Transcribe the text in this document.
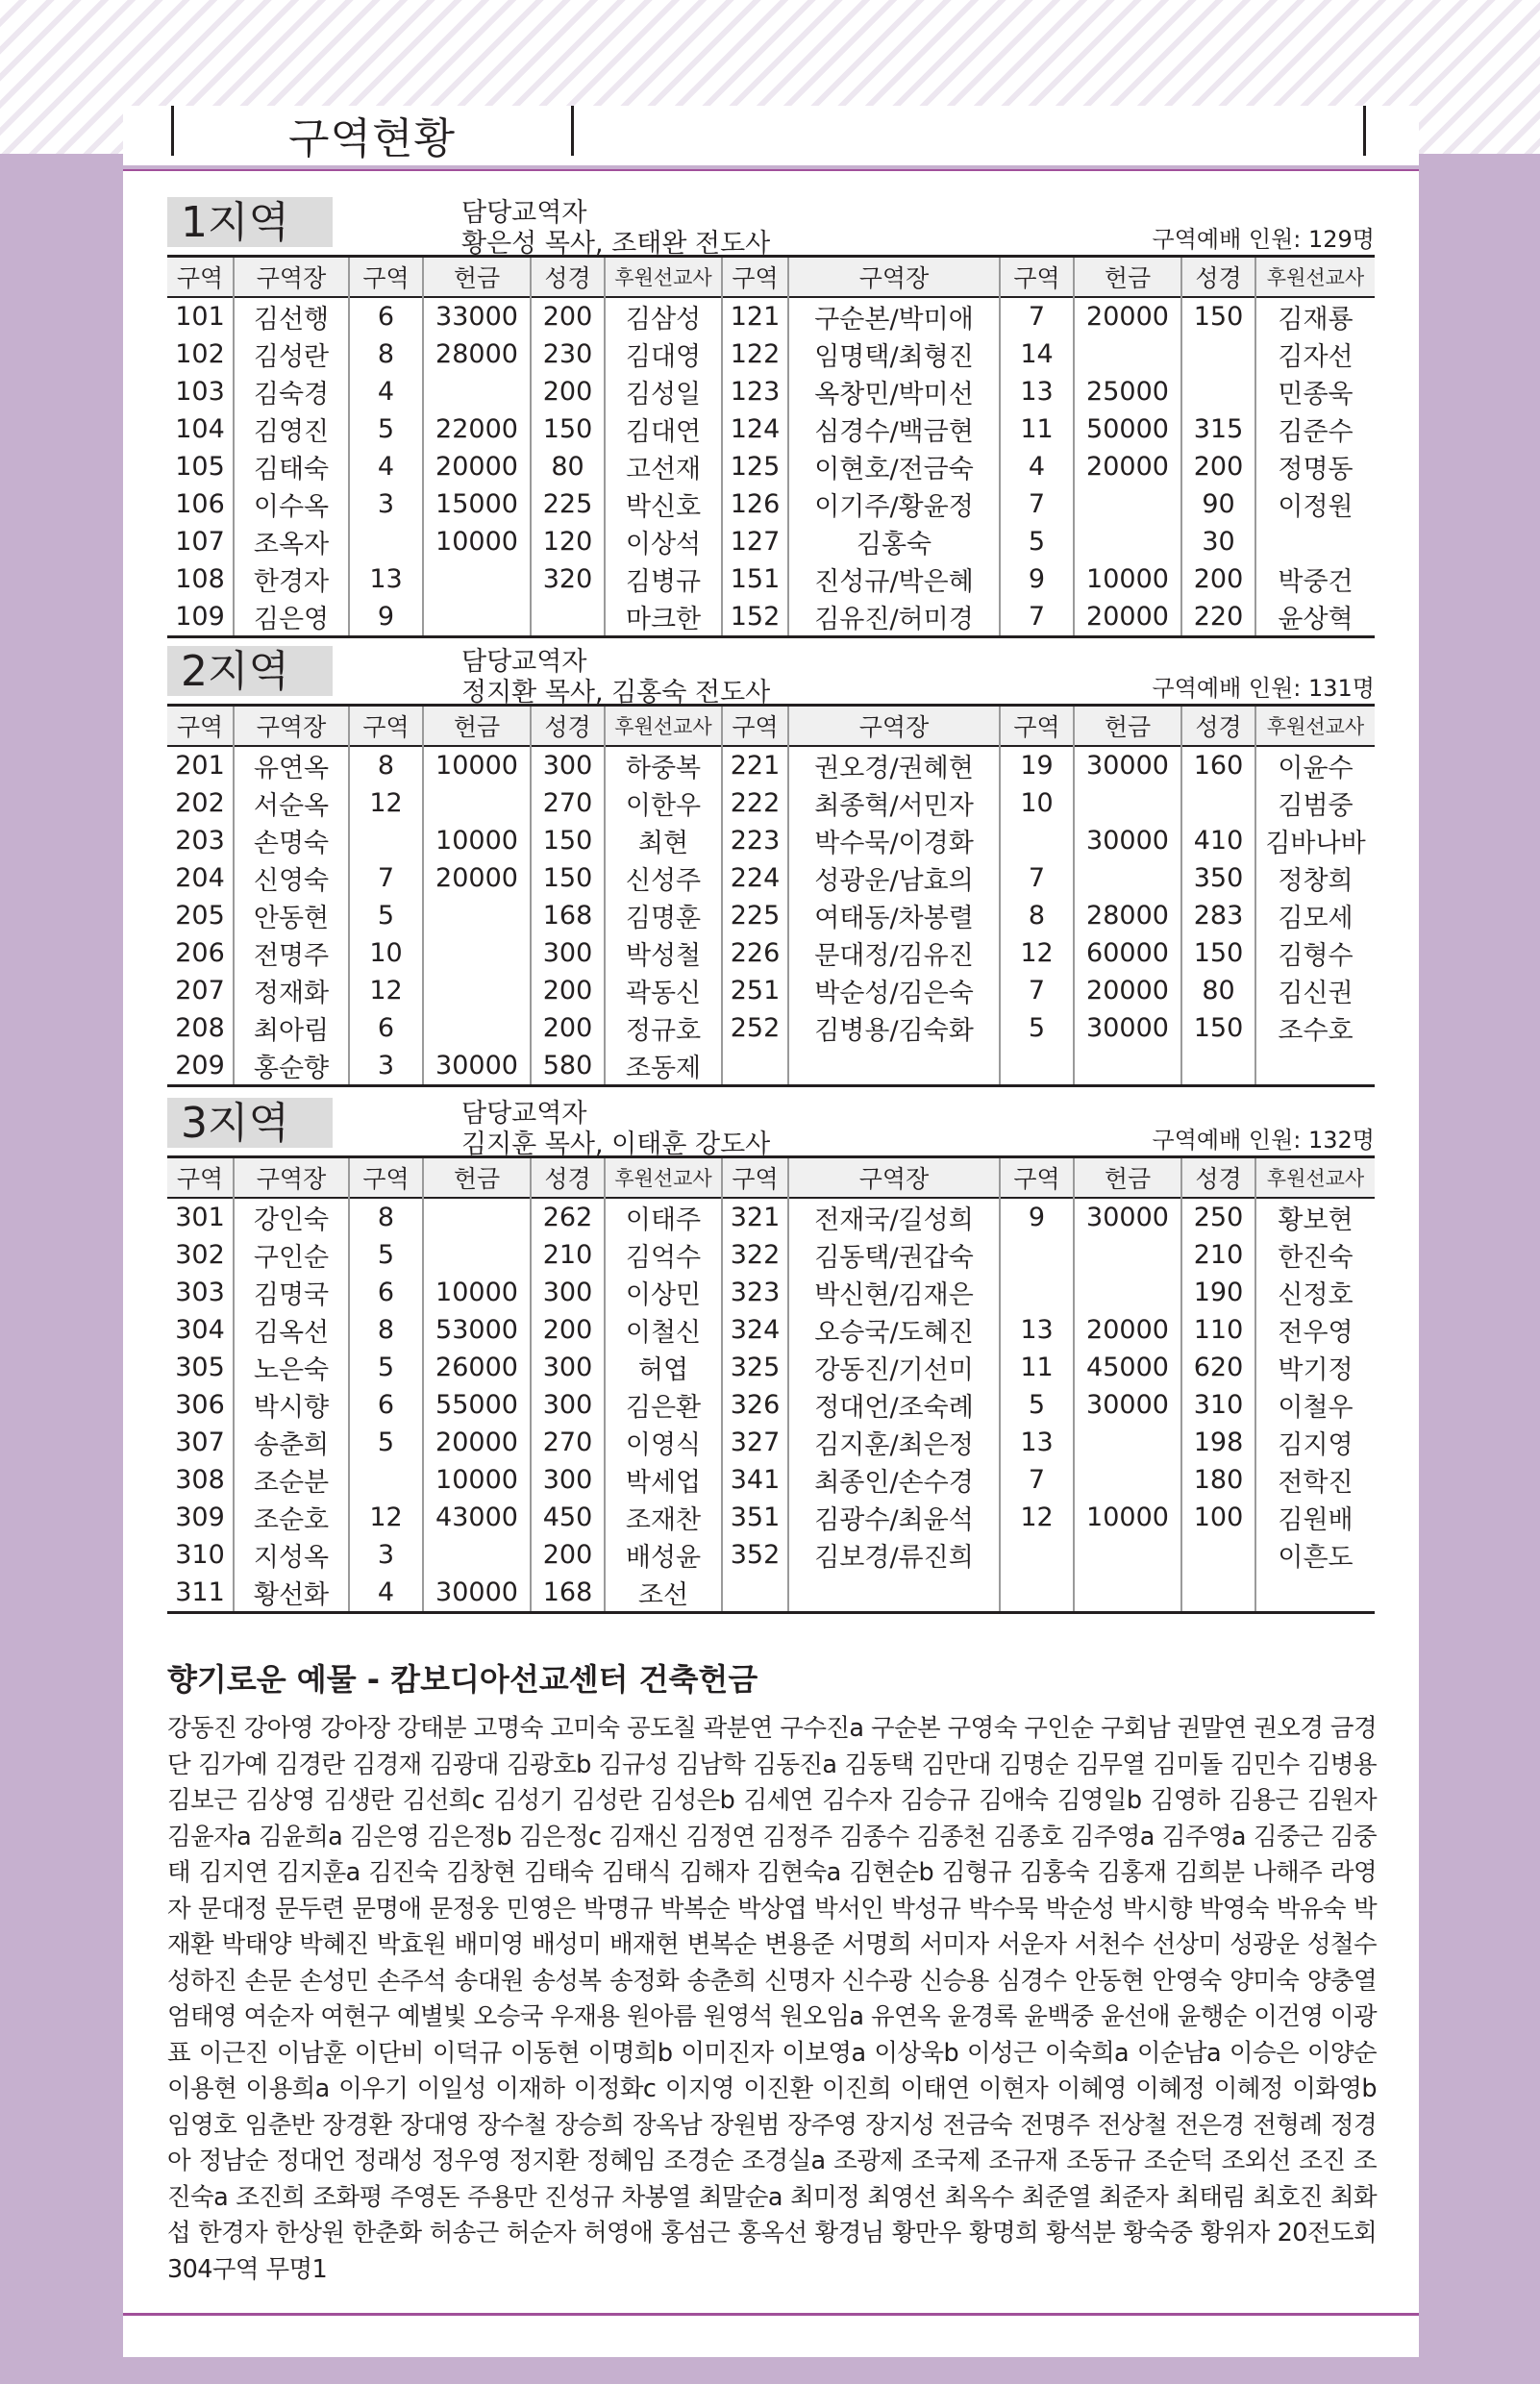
구역현황
1지역	담당교역자
황은성 목사, 조태완 전도사	구역예배 인원: 129명
구역	구역장	구역	헌금	성경	후원선교사	구역	구역장	구역	헌금	성경	후원선교사
101	김선행	6	33000	200	김삼성	121	구순본/박미애	7	20000	150	김재룡
102	김성란	8	28000	230	김대영	122	임명택/최형진	14			김자선
103	김숙경	4		200	김성일	123	옥창민/박미선	13	25000		민종욱
104	김영진	5	22000	150	김대연	124	심경수/백금현	11	50000	315	김준수
105	김태숙	4	20000	80	고선재	125	이현호/전금숙	4	20000	200	정명동
106	이수옥	3	15000	225	박신호	126	이기주/황윤정	7		90	이정원
107	조옥자		10000	120	이상석	127	김홍숙	5		30	
108	한경자	13		320	김병규	151	진성규/박은혜	9	10000	200	박중건
109	김은영	9			마크한	152	김유진/허미경	7	20000	220	윤상혁
2지역	담당교역자
정지환 목사, 김홍숙 전도사	구역예배 인원: 131명
구역	구역장	구역	헌금	성경	후원선교사	구역	구역장	구역	헌금	성경	후원선교사
201	유연옥	8	10000	300	하중복	221	권오경/권혜현	19	30000	160	이윤수
202	서순옥	12		270	이한우	222	최종혁/서민자	10			김범중
203	손명숙		10000	150	최현	223	박수묵/이경화		30000	410	김바나바
204	신영숙	7	20000	150	신성주	224	성광운/남효의	7		350	정창희
205	안동현	5		168	김명훈	225	여태동/차봉렬	8	28000	283	김모세
206	전명주	10		300	박성철	226	문대정/김유진	12	60000	150	김형수
207	정재화	12		200	곽동신	251	박순성/김은숙	7	20000	80	김신권
208	최아림	6		200	정규호	252	김병용/김숙화	5	30000	150	조수호
209	홍순향	3	30000	580	조동제						
3지역	담당교역자
김지훈 목사, 이태훈 강도사	구역예배 인원: 132명
구역	구역장	구역	헌금	성경	후원선교사	구역	구역장	구역	헌금	성경	후원선교사
301	강인숙	8		262	이태주	321	전재국/길성희	9	30000	250	황보현
302	구인순	5		210	김억수	322	김동택/권갑숙			210	한진숙
303	김명국	6	10000	300	이상민	323	박신현/김재은			190	신정호
304	김옥선	8	53000	200	이철신	324	오승국/도혜진	13	20000	110	전우영
305	노은숙	5	26000	300	허엽	325	강동진/기선미	11	45000	620	박기정
306	박시향	6	55000	300	김은환	326	정대언/조숙례	5	30000	310	이철우
307	송춘희	5	20000	270	이영식	327	김지훈/최은정	13		198	김지영
308	조순분		10000	300	박세업	341	최종인/손수경	7		180	전학진
309	조순호	12	43000	450	조재찬	351	김광수/최윤석	12	10000	100	김원배
310	지성옥	3		200	배성윤	352	김보경/류진희				이흔도
311	황선화	4	30000	168	조선						
향기로운 예물 - 캄보디아선교센터 건축헌금
강동진 강아영 강아장 강태분 고명숙 고미숙 공도칠 곽분연 구수진a 구순본 구영숙 구인순 구회남 권말연 권오경 금경단 김가예 김경란 김경재 김광대 김광호b 김규성 김남학 김동진a 김동택 김만대 김명순 김무열 김미돌 김민수 김병용 김보근 김상영 김생란 김선희c 김성기 김성란 김성은b 김세연 김수자 김승규 김애숙 김영일b 김영하 김용근 김원자 김윤자a 김윤희a 김은영 김은정b 김은정c 김재신 김정연 김정주 김종수 김종천 김종호 김주영a 김주영a 김중근 김중태 김지연 김지훈a 김진숙 김창현 김태숙 김태식 김해자 김현숙a 김현순b 김형규 김홍숙 김홍재 김희분 나해주 라영자 문대정 문두련 문명애 문정웅 민영은 박명규 박복순 박상엽 박서인 박성규 박수묵 박순성 박시향 박영숙 박유숙 박재환 박태양 박혜진 박효원 배미영 배성미 배재현 변복순 변용준 서명희 서미자 서운자 서천수 선상미 성광운 성철수 성하진 손문 손성민 손주석 송대원 송성복 송정화 송춘희 신명자 신수광 신승용 심경수 안동현 안영숙 양미숙 양충열 엄태영 여순자 여현구 예별빛 오승국 우재용 원아름 원영석 원오임a 유연옥 윤경록 윤백중 윤선애 윤행순 이건영 이광표 이근진 이남훈 이단비 이덕규 이동현 이명희b 이미진자 이보영a 이상욱b 이성근 이숙희a 이순남a 이승은 이양순 이용현 이용희a 이우기 이일성 이재하 이정화c 이지영 이진환 이진희 이태연 이현자 이혜영 이혜정 이혜정 이화영b 임영호 임춘반 장경환 장대영 장수철 장승희 장옥남 장원범 장주영 장지성 전금숙 전명주 전상철 전은경 전형례 정경아 정남순 정대언 정래성 정우영 정지환 정혜임 조경순 조경실a 조광제 조국제 조규재 조동규 조순덕 조외선 조진 조진숙a 조진희 조화평 주영돈 주용만 진성규 차봉열 최말순a 최미정 최영선 최옥수 최준열 최준자 최태림 최호진 최화섭 한경자 한상원 한춘화 허송근 허순자 허영애 홍섬근 홍옥선 황경님 황만우 황명희 황석분 황숙중 황위자 20전도회 304구역 무명1
